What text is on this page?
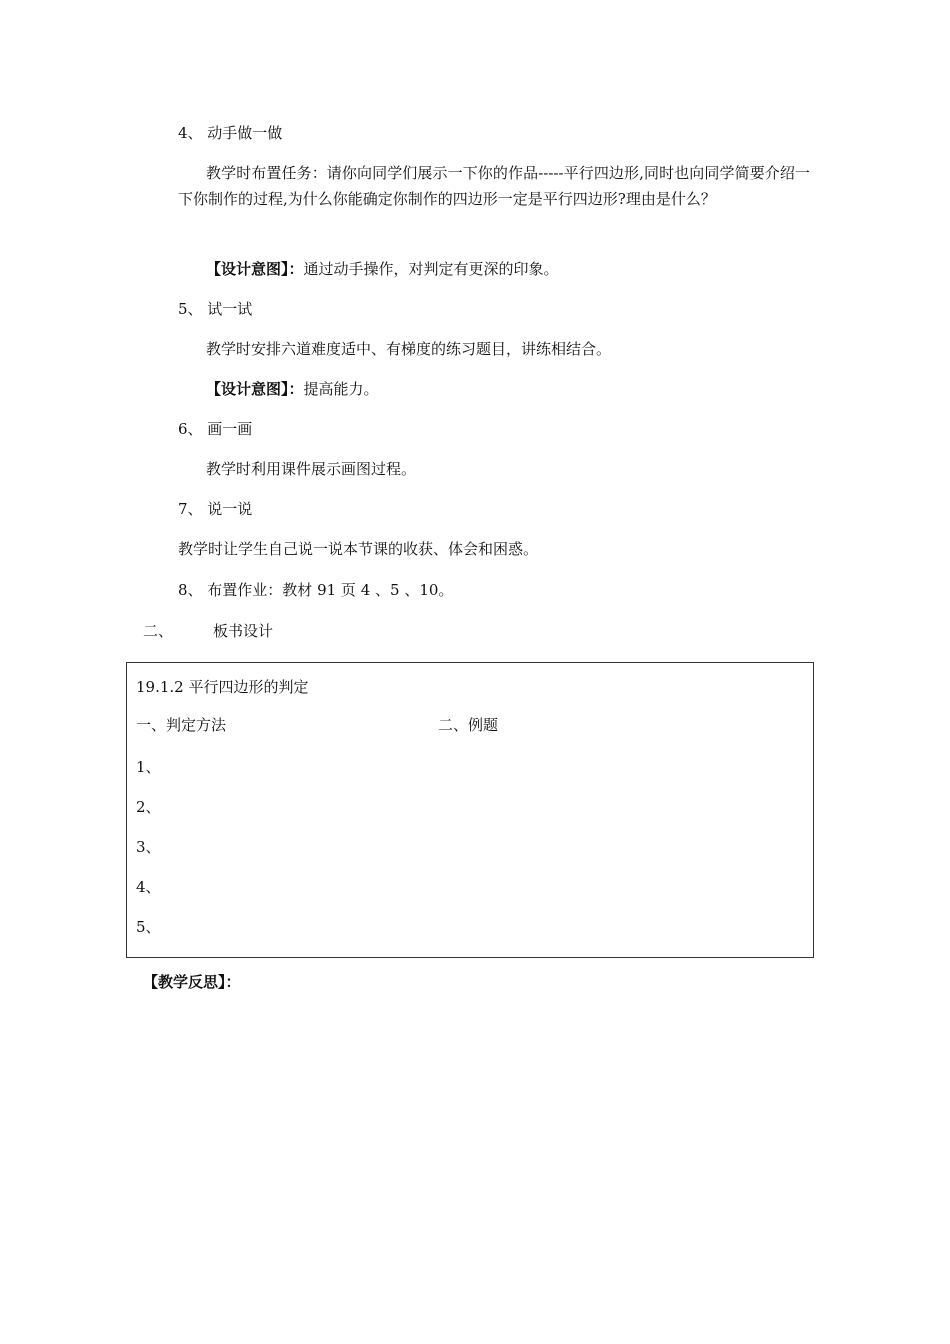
4、 动手做一做
教学时布置任务：请你向同学们展示一下你的作品-----平行四边形,同时也向同学简要介绍一下你制作的过程,为什么你能确定你制作的四边形一定是平行四边形?理由是什么？
【设计意图】：通过动手操作，对判定有更深的印象。
5、 试一试
教学时安排六道难度适中、有梯度的练习题目，讲练相结合。
【设计意图】：提高能力。
6、 画一画
教学时利用课件展示画图过程。
7、 说一说
教学时让学生自己说一说本节课的收获、体会和困惑。
8、 布置作业：教材 91 页 4 、5 、10。
二、	板书设计
19.1.2 平行四边形的判定
一、判定方法	二、例题
1、
2、
3、
4、
5、
【教学反思】：
